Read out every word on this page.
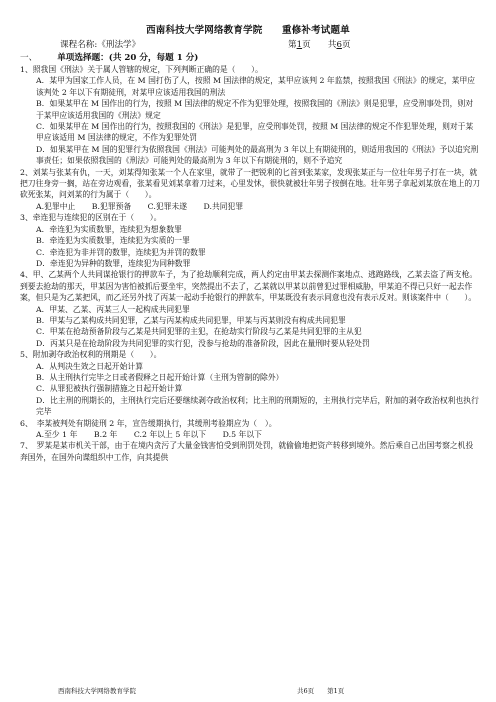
西南科技大学网络教育学院 重修补考试题单
课程名称:《刑法学》	第1页　　共6页
一、 单项选择题：(共 20 分，每题 1 分)

1、照我国《刑法》关于属人管辖的规定，下列判断正确的是（　　）。

A．某甲为国家工作人员，在 M 国打伤了人，按照 M 国法律的规定，某甲应该判 2 年监禁，按照我国《刑法》的规定，某甲应该判处 2 年以下有期徒刑，对某甲应该适用我国的刑法

B．如果某甲在 M 国作出的行为，按照 M 国法律的规定不作为犯罪处理，按照我国的《刑法》则是犯罪，应受刑事处罚，则对于某甲应该适用我国的《刑法》规定

C．如果某甲在 M 国作出的行为，按照我国的《刑法》是犯罪，应受刑事处罚，按照 M 国法律的规定不作犯罪处理，则对于某甲应该适用 M 国法律的规定，不作为犯罪处罚

D．如果某甲在 M 国的犯罪行为依照我国《刑法》可能判处的最高刑为 3 年以上有期徒刑的，则适用我国的《刑法》予以追究刑事责任；如果依照我国的《刑法》可能判处的最高刑为 3 年以下有期徒刑的，则不予追究

2、刘某与张某有仇，一天，刘某得知张某一个人在家里，就带了一把锐利的匕首到张某家，发现张某正与一位壮年男子打在一块，就把刀往身旁一搁，站在旁边观看，张某看见刘某拿着刀过来，心里发怵，很快就被壮年男子按倒在地。壮年男子拿起刘某放在地上的刀砍死张某，问刘某的行为属于（　　）。

A.犯罪中止 B.犯罪预备 C.犯罪未遂 D.共同犯罪

3、牵连犯与连续犯的区别在于（　　）。

A．牵连犯为实质数罪，连续犯为想象数罪

B．牵连犯为实质数罪，连续犯为实质的一罪

C．牵连犯为非并罚的数罪，连续犯为并罚的数罪

D．牵连犯为异种的数罪，连续犯为同种数罪

4、甲、乙某两个人共同谋抢银行的押款车子，为了抢劫顺利完成，两人约定由甲某去探测作案地点、逃跑路线，乙某去盗了两支枪。到要去抢劫的那天，甲某因为害怕被抓后要坐牢，突然提出不去了，乙某就以甲某以前曾犯过罪相威胁，甲某迫不得已只好一起去作案，但只是为乙某把风，而乙还另外找了丙某一起动手抢银行的押款车，甲某既没有表示同意也没有表示反对。则该案件中（　　）。

A．甲某、乙某、丙某三人一起构成共同犯罪

B．甲某与乙某构成共同犯罪，乙某与丙某构成共同犯罪，甲某与丙某则没有构成共同犯罪

C．甲某在抢劫预备阶段与乙某是共同犯罪的主犯，在抢劫实行阶段与乙某是共同犯罪的主从犯

D．丙某只是在抢劫阶段为共同犯罪的实行犯，没参与抢劫的准备阶段，因此在量刑时要从轻处罚

5、附加剥夺政治权利的刑期是（　　）。

A．从判决生效之日起开始计算

B．从主刑执行完毕之日或者假释之日起开始计算（主刑为管制的除外）

C．从罪犯被执行强制措施之日起开始计算

D．比主刑的刑期长的，主刑执行完后还要继续剥夺政治权利；比主刑的刑期短的，主刑执行完毕后，附加的剥夺政治权利也执行完毕

6、　李某被判处有期徒刑 2 年，宣告缓期执行，其缓刑考验期应为（　）。

A.至少 1 年 B.2 年 C.2 年以上 5 年以下 D.5 年以下

7、　罗某是某市机关干部，由于在境内贪污了大量金钱害怕受到刑罚处罚，就偷偷地把资产转移到境外。然后乘自己出国考察之机投奔国外，在国外向谍组织中工作，向其提供

西南科技大学网络教育学院	共6页　　第1页
